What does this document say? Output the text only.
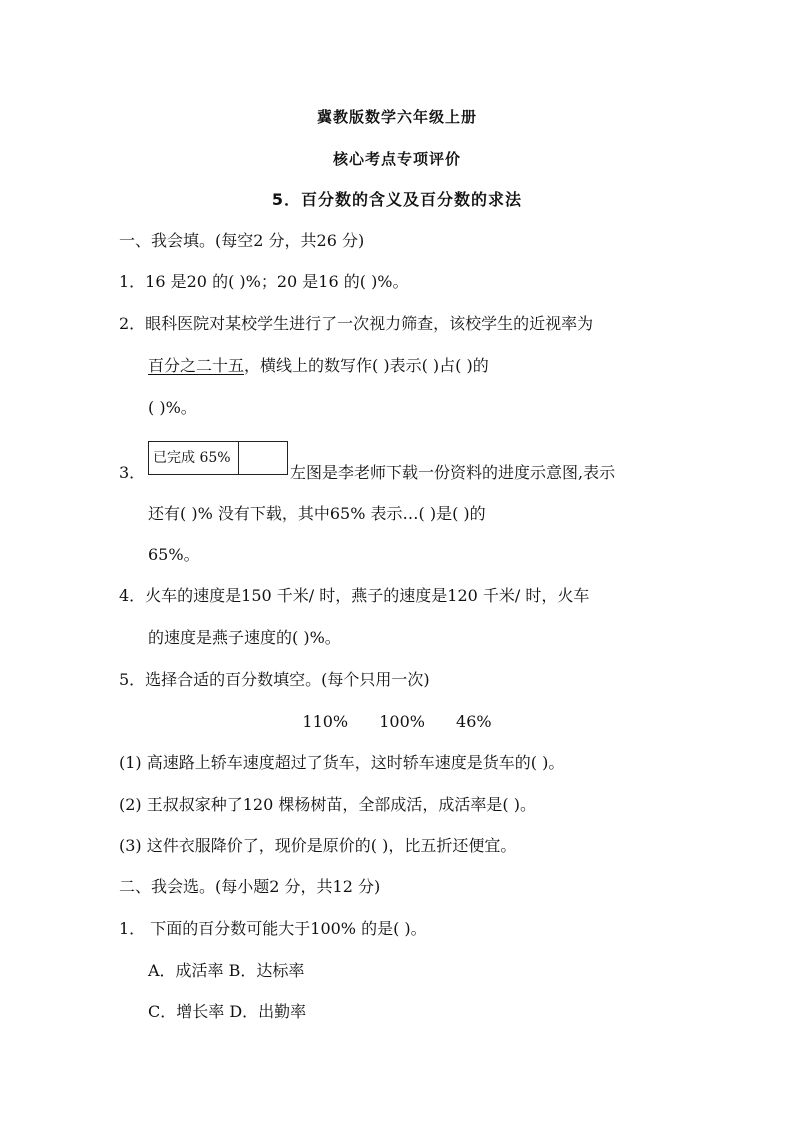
冀教版数学六年级上册
核心考点专项评价
5．百分数的含义及百分数的求法
一、我会填。(每空2 分，共26 分)
1．16 是20 的( )%；20 是16 的( )%。
2．眼科医院对某校学生进行了一次视力筛查，该校学生的近视率为
百分之二十五，横线上的数写作( )表示( )占( )的
( )%。
3．
已完成 65%
左图是李老师下载一份资料的进度示意图,表示
还有( )% 没有下载，其中65% 表示…( )是( )的
65%。
4．火车的速度是150 千米/ 时，燕子的速度是120 千米/ 时，火车
的速度是燕子速度的( )%。
5．选择合适的百分数填空。(每个只用一次)
110% 100% 46%
(1) 高速路上轿车速度超过了货车，这时轿车速度是货车的( )。
(2) 王叔叔家种了120 棵杨树苗，全部成活，成活率是( )。
(3) 这件衣服降价了，现价是原价的( )，比五折还便宜。
二、我会选。(每小题2 分，共12 分)
1． 下面的百分数可能大于100% 的是( )。
A．成活率 B．达标率
C．增长率 D．出勤率
